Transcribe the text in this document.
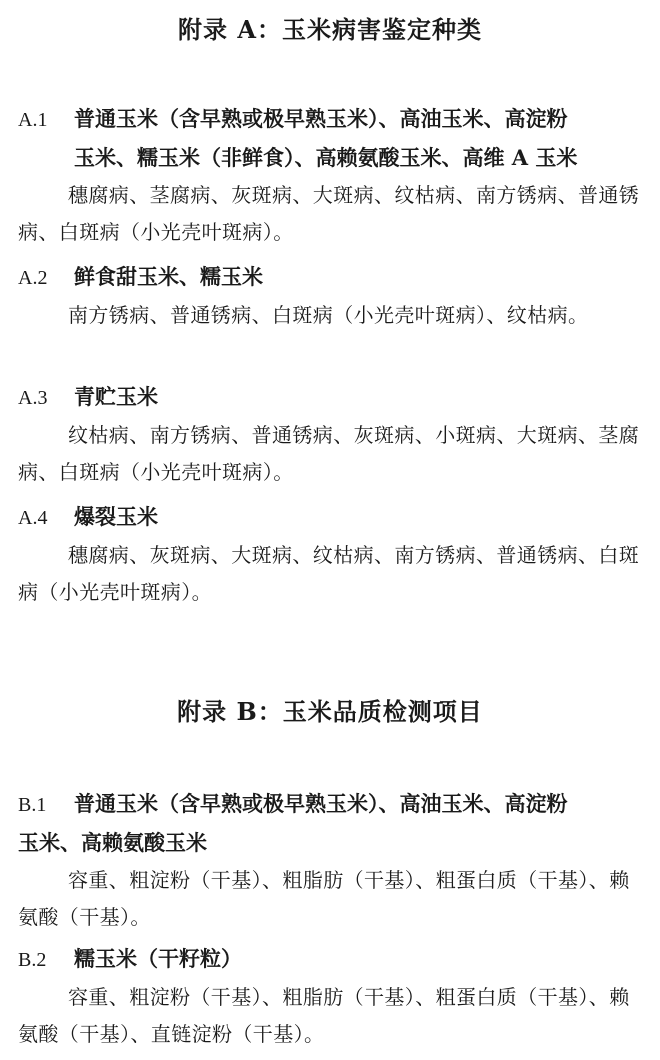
附录 A：玉米病害鉴定种类

A.1 普通玉米（含早熟或极早熟玉米）、高油玉米、高淀粉
玉米、糯玉米（非鲜食）、高赖氨酸玉米、高维 A 玉米

穗腐病、茎腐病、灰斑病、大斑病、纹枯病、南方锈病、普通锈病、白斑病（小光壳叶斑病）。

A.2 鲜食甜玉米、糯玉米

南方锈病、普通锈病、白斑病（小光壳叶斑病）、纹枯病。

A.3 青贮玉米

纹枯病、南方锈病、普通锈病、灰斑病、小斑病、大斑病、茎腐病、白斑病（小光壳叶斑病）。

A.4 爆裂玉米

穗腐病、灰斑病、大斑病、纹枯病、南方锈病、普通锈病、白斑病（小光壳叶斑病）。

附录 B：玉米品质检测项目

B.1 普通玉米（含早熟或极早熟玉米）、高油玉米、高淀粉
玉米、高赖氨酸玉米

容重、粗淀粉（干基）、粗脂肪（干基）、粗蛋白质（干基）、赖氨酸（干基）。

B.2 糯玉米（干籽粒）

容重、粗淀粉（干基）、粗脂肪（干基）、粗蛋白质（干基）、赖氨酸（干基）、直链淀粉（干基）。
